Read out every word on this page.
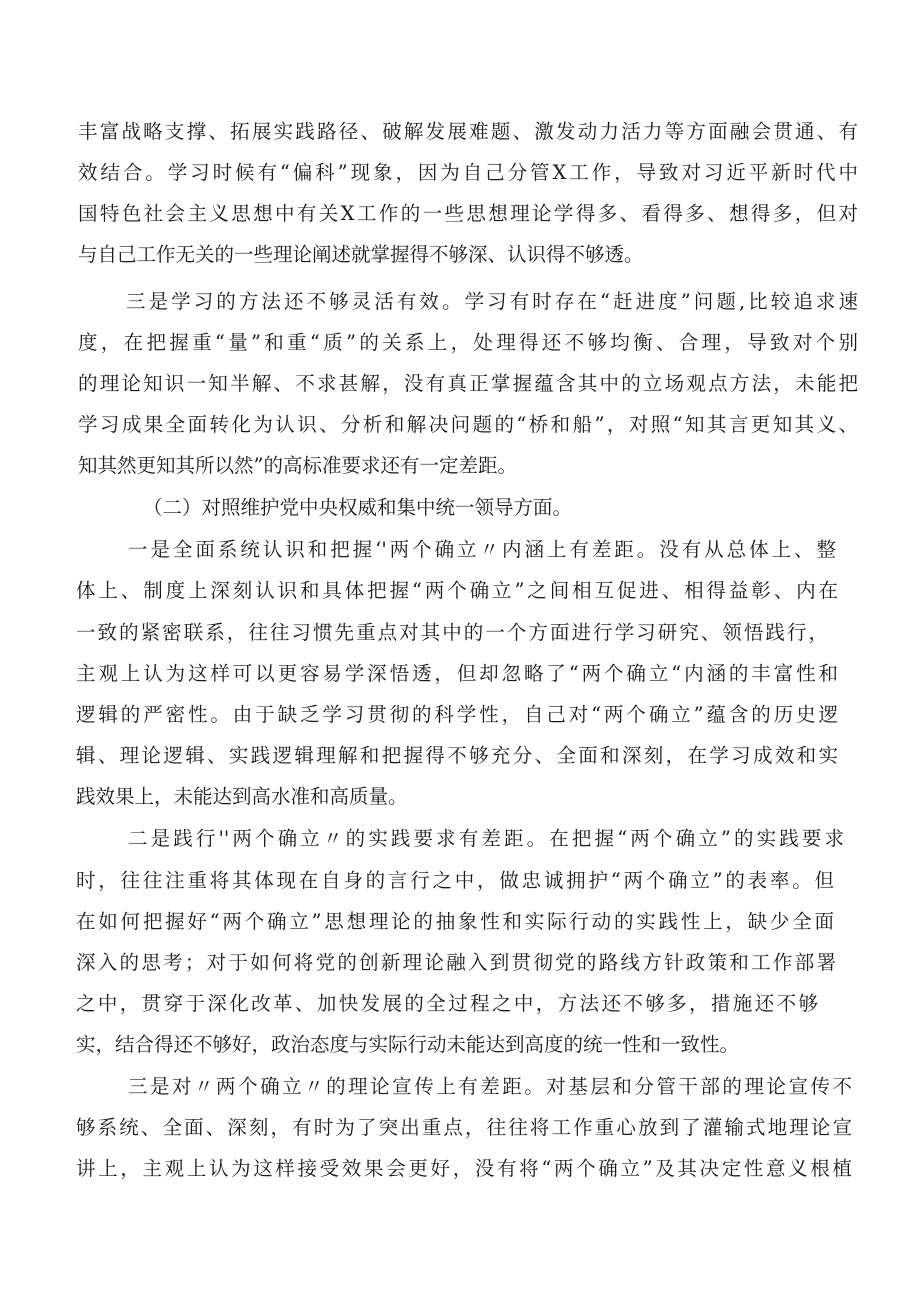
丰富战略支撑、拓展实践路径、破解发展难题、激发动力活力等方面融会贯通、有
效结合。学习时候有“偏科”现象，因为自己分管X工作，导致对习近平新时代中
国特色社会主义思想中有关X工作的一些思想理论学得多、看得多、想得多，但对
与自己工作无关的一些理论阐述就掌握得不够深、认识得不够透。
三是学习的方法还不够灵活有效。学习有时存在“赶进度”问题,比较追求速
度，在把握重“量”和重“质”的关系上，处理得还不够均衡、合理，导致对个别
的理论知识一知半解、不求甚解，没有真正掌握蕴含其中的立场观点方法，未能把
学习成果全面转化为认识、分析和解决问题的“桥和船”，对照“知其言更知其义、
知其然更知其所以然”的高标准要求还有一定差距。
（二）对照维护党中央权威和集中统一领导方面。
一是全面系统认识和把握‘'两个确立〃内涵上有差距。没有从总体上、整
体上、制度上深刻认识和具体把握“两个确立”之间相互促进、相得益彰、内在
一致的紧密联系，往往习惯先重点对其中的一个方面进行学习研究、领悟践行，
主观上认为这样可以更容易学深悟透，但却忽略了“两个确立“内涵的丰富性和
逻辑的严密性。由于缺乏学习贯彻的科学性，自己对“两个确立”蕴含的历史逻
辑、理论逻辑、实践逻辑理解和把握得不够充分、全面和深刻，在学习成效和实
践效果上，未能达到高水准和高质量。
二是践行''两个确立〃的实践要求有差距。在把握“两个确立”的实践要求
时，往往注重将其体现在自身的言行之中，做忠诚拥护“两个确立”的表率。但
在如何把握好“两个确立”思想理论的抽象性和实际行动的实践性上，缺少全面
深入的思考；对于如何将党的创新理论融入到贯彻党的路线方针政策和工作部署
之中，贯穿于深化改革、加快发展的全过程之中，方法还不够多，措施还不够
实，结合得还不够好，政治态度与实际行动未能达到高度的统一性和一致性。
三是对〃两个确立〃的理论宣传上有差距。对基层和分管干部的理论宣传不
够系统、全面、深刻，有时为了突出重点，往往将工作重心放到了灌输式地理论宣
讲上，主观上认为这样接受效果会更好，没有将“两个确立”及其决定性意义根植
